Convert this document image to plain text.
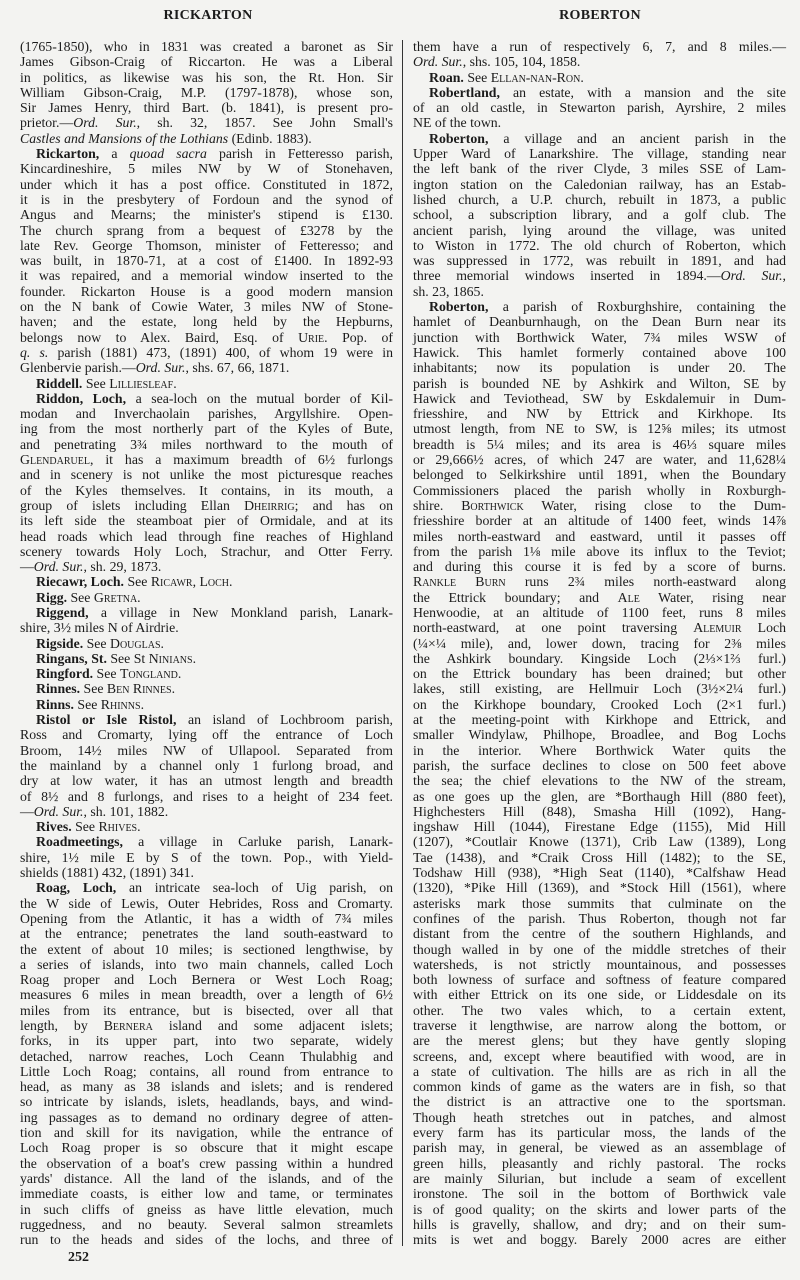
RICKARTON	ROBERTON
(1765-1850), who in 1831 was created a baronet as Sir
James Gibson-Craig of Riccarton. He was a Liberal
in politics, as likewise was his son, the Rt. Hon. Sir
William Gibson-Craig, M.P. (1797-1878), whose son,
Sir James Henry, third Bart. (b. 1841), is present pro-
prietor.—Ord. Sur., sh. 32, 1857. See John Small's
Castles and Mansions of the Lothians (Edinb. 1883).
Rickarton, a quoad sacra parish in Fetteresso parish,
Kincardineshire, 5 miles NW by W of Stonehaven,
under which it has a post office. Constituted in 1872,
it is in the presbytery of Fordoun and the synod of
Angus and Mearns; the minister's stipend is £130.
The church sprang from a bequest of £3278 by the
late Rev. George Thomson, minister of Fetteresso; and
was built, in 1870-71, at a cost of £1400. In 1892-93
it was repaired, and a memorial window inserted to the
founder. Rickarton House is a good modern mansion
on the N bank of Cowie Water, 3 miles NW of Stone-
haven; and the estate, long held by the Hepburns,
belongs now to Alex. Baird, Esq. of Urie. Pop. of
q. s. parish (1881) 473, (1891) 400, of whom 19 were in
Glenbervie parish.—Ord. Sur., shs. 67, 66, 1871.
Riddell. See Lilliesleaf.
Riddon, Loch, a sea-loch on the mutual border of Kil-
modan and Inverchaolain parishes, Argyllshire. Open-
ing from the most northerly part of the Kyles of Bute,
and penetrating 3¾ miles northward to the mouth of
Glendaruel, it has a maximum breadth of 6½ furlongs
and in scenery is not unlike the most picturesque reaches
of the Kyles themselves. It contains, in its mouth, a
group of islets including Ellan Dheirrig; and has on
its left side the steamboat pier of Ormidale, and at its
head roads which lead through fine reaches of Highland
scenery towards Holy Loch, Strachur, and Otter Ferry.
—Ord. Sur., sh. 29, 1873.
Riecawr, Loch. See Ricawr, Loch.
Rigg. See Gretna.
Riggend, a village in New Monkland parish, Lanark-
shire, 3½ miles N of Airdrie.
Rigside. See Douglas.
Ringans, St. See St Ninians.
Ringford. See Tongland.
Rinnes. See Ben Rinnes.
Rinns. See Rhinns.
Ristol or Isle Ristol, an island of Lochbroom parish,
Ross and Cromarty, lying off the entrance of Loch
Broom, 14½ miles NW of Ullapool. Separated from
the mainland by a channel only 1 furlong broad, and
dry at low water, it has an utmost length and breadth
of 8½ and 8 furlongs, and rises to a height of 234 feet.
—Ord. Sur., sh. 101, 1882.
Rives. See Rhives.
Roadmeetings, a village in Carluke parish, Lanark-
shire, 1½ mile E by S of the town. Pop., with Yield-
shields (1881) 432, (1891) 341.
Roag, Loch, an intricate sea-loch of Uig parish, on
the W side of Lewis, Outer Hebrides, Ross and Cromarty.
Opening from the Atlantic, it has a width of 7¾ miles
at the entrance; penetrates the land south-eastward to
the extent of about 10 miles; is sectioned lengthwise, by
a series of islands, into two main channels, called Loch
Roag proper and Loch Bernera or West Loch Roag;
measures 6 miles in mean breadth, over a length of 6½
miles from its entrance, but is bisected, over all that
length, by Bernera island and some adjacent islets;
forks, in its upper part, into two separate, widely
detached, narrow reaches, Loch Ceann Thulabhig and
Little Loch Roag; contains, all round from entrance to
head, as many as 38 islands and islets; and is rendered
so intricate by islands, islets, headlands, bays, and wind-
ing passages as to demand no ordinary degree of atten-
tion and skill for its navigation, while the entrance of
Loch Roag proper is so obscure that it might escape
the observation of a boat's crew passing within a hundred
yards' distance. All the land of the islands, and of the
immediate coasts, is either low and tame, or terminates
in such cliffs of gneiss as have little elevation, much
ruggedness, and no beauty. Several salmon streamlets
run to the heads and sides of the lochs, and three of
them have a run of respectively 6, 7, and 8 miles.—
Ord. Sur., shs. 105, 104, 1858.
Roan. See Ellan-nan-Ron.
Robertland, an estate, with a mansion and the site
of an old castle, in Stewarton parish, Ayrshire, 2 miles
NE of the town.
Roberton, a village and an ancient parish in the
Upper Ward of Lanarkshire. The village, standing near
the left bank of the river Clyde, 3 miles SSE of Lam-
ington station on the Caledonian railway, has an Estab-
lished church, a U.P. church, rebuilt in 1873, a public
school, a subscription library, and a golf club. The
ancient parish, lying around the village, was united
to Wiston in 1772. The old church of Roberton, which
was suppressed in 1772, was rebuilt in 1891, and had
three memorial windows inserted in 1894.—Ord. Sur.,
sh. 23, 1865.
Roberton, a parish of Roxburghshire, containing the
hamlet of Deanburnhaugh, on the Dean Burn near its
junction with Borthwick Water, 7¾ miles WSW of
Hawick. This hamlet formerly contained above 100
inhabitants; now its population is under 20. The
parish is bounded NE by Ashkirk and Wilton, SE by
Hawick and Teviothead, SW by Eskdalemuir in Dum-
friesshire, and NW by Ettrick and Kirkhope. Its
utmost length, from NE to SW, is 12⅝ miles; its utmost
breadth is 5¼ miles; and its area is 46⅓ square miles
or 29,666½ acres, of which 247 are water, and 11,628¼
belonged to Selkirkshire until 1891, when the Boundary
Commissioners placed the parish wholly in Roxburgh-
shire. Borthwick Water, rising close to the Dum-
friesshire border at an altitude of 1400 feet, winds 14⅞
miles north-eastward and eastward, until it passes off
from the parish 1⅛ mile above its influx to the Teviot;
and during this course it is fed by a score of burns.
Rankle Burn runs 2¾ miles north-eastward along
the Ettrick boundary; and Ale Water, rising near
Henwoodie, at an altitude of 1100 feet, runs 8 miles
north-eastward, at one point traversing Alemuir Loch
(¼×¼ mile), and, lower down, tracing for 2⅜ miles
the Ashkirk boundary. Kingside Loch (2⅓×1⅔ furl.)
on the Ettrick boundary has been drained; but other
lakes, still existing, are Hellmuir Loch (3½×2¼ furl.)
on the Kirkhope boundary, Crooked Loch (2×1 furl.)
at the meeting-point with Kirkhope and Ettrick, and
smaller Windylaw, Philhope, Broadlee, and Bog Lochs
in the interior. Where Borthwick Water quits the
parish, the surface declines to close on 500 feet above
the sea; the chief elevations to the NW of the stream,
as one goes up the glen, are *Borthaugh Hill (880 feet),
Highchesters Hill (848), Smasha Hill (1092), Hang-
ingshaw Hill (1044), Firestane Edge (1155), Mid Hill
(1207), *Coutlair Knowe (1371), Crib Law (1389), Long
Tae (1438), and *Craik Cross Hill (1482); to the SE,
Todshaw Hill (938), *High Seat (1140), *Calfshaw Head
(1320), *Pike Hill (1369), and *Stock Hill (1561), where
asterisks mark those summits that culminate on the
confines of the parish. Thus Roberton, though not far
distant from the centre of the southern Highlands, and
though walled in by one of the middle stretches of their
watersheds, is not strictly mountainous, and possesses
both lowness of surface and softness of feature compared
with either Ettrick on its one side, or Liddesdale on its
other. The two vales which, to a certain extent,
traverse it lengthwise, are narrow along the bottom, or
are the merest glens; but they have gently sloping
screens, and, except where beautified with wood, are in
a state of cultivation. The hills are as rich in all the
common kinds of game as the waters are in fish, so that
the district is an attractive one to the sportsman.
Though heath stretches out in patches, and almost
every farm has its particular moss, the lands of the
parish may, in general, be viewed as an assemblage of
green hills, pleasantly and richly pastoral. The rocks
are mainly Silurian, but include a seam of excellent
ironstone. The soil in the bottom of Borthwick vale
is of good quality; on the skirts and lower parts of the
hills is gravelly, shallow, and dry; and on their sum-
mits is wet and boggy. Barely 2000 acres are either
252
